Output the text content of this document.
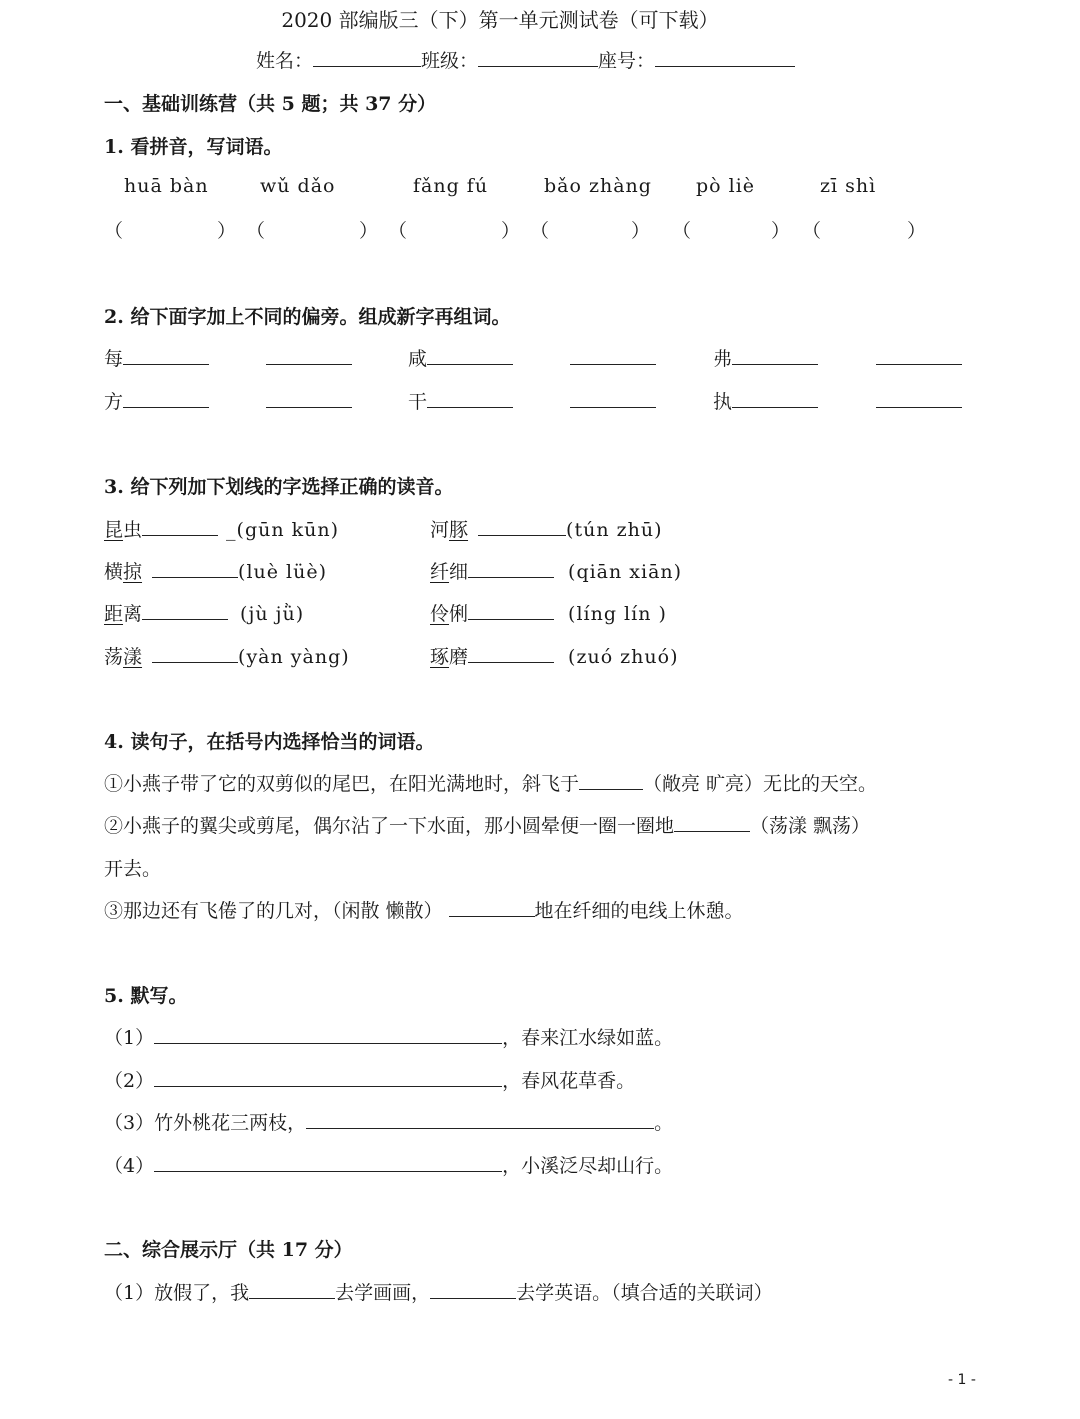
2020 部编版三（下）第一单元测试卷（可下载）
姓名：	班级：	座号：
一、基础训练营（共 5 题；共 37 分）
1. 看拼音，写词语。
huā bàn	wǔ dǎo	fǎng fú	bǎo zhàng pò liè	zī shì
（	） （	） （	） （	） （	） （	）
2. 给下面字加上不同的偏旁。组成新字再组词。
每	咸	弗
方	干	执
3. 给下列加下划线的字选择正确的读音。
昆虫	_(gūn kūn)	河豚	(tún zhū)
横掠	(luè lüè)	纤细	(qiān xiān)
距离	(jù jǜ)	伶俐	(líng lín )
荡漾	(yàn yàng)	琢磨	(zuó zhuó)
4. 读句子，在括号内选择恰当的词语。
①小燕子带了它的双剪似的尾巴，在阳光满地时，斜飞于	（敞亮 旷亮）无比的天空。
②小燕子的翼尖或剪尾，偶尔沾了一下水面，那小圆晕便一圈一圈地	（荡漾 飘荡）
开去。
③那边还有飞倦了的几对，（闲散 懒散）	地在纤细的电线上休憩。
5. 默写。
（1）	，春来江水绿如蓝。
（2）	，春风花草香。
（3）竹外桃花三两枝，	。
（4）	，小溪泛尽却山行。
二、综合展示厅（共 17 分）
（1）放假了，我	去学画画，	去学英语。（填合适的关联词）
- 1 -
